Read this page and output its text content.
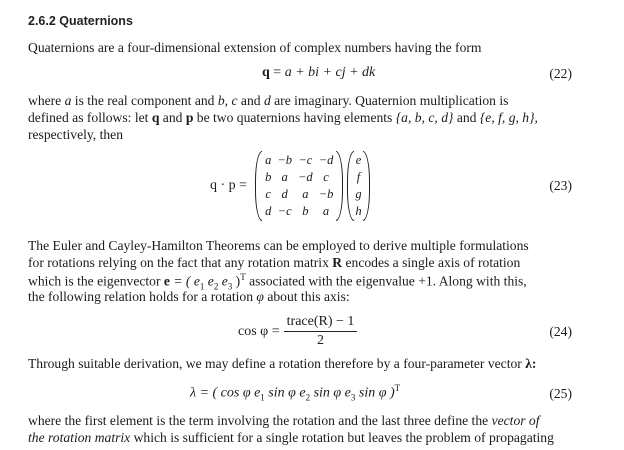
2.6.2 Quaternions
Quaternions are a four-dimensional extension of complex numbers having the form
q = a + bi + cj + dk	(22)
where a is the real component and b, c and d are imaginary. Quaternion multiplication is
defined as follows: let q and p be two quaternions having elements {a, b, c, d} and {e, f, g, h},
respectively, then
q · p =
a	−b	−c	−d
b	a	−d	c
c	d	a	−b
d	−c	b	a
e
f
g
h
(23)
The Euler and Cayley-Hamilton Theorems can be employed to derive multiple formulations
for rotations relying on the fact that any rotation matrix R encodes a single axis of rotation
which is the eigenvector e = ( $e_1$ $e_2$ $e_3$ )$^T$ associated with the eigenvalue +1. Along with this,
the following relation holds for a rotation φ about this axis:
$\cos \varphi = \frac{\text{trace(R) − 1}}{2}$	(24)
Through suitable derivation, we may define a rotation therefore by a four-parameter vector λ:
λ = ( cos φ $e_1$ sin φ $e_2$ sin φ $e_3$ sin φ )$^T$	(25)
where the first element is the term involving the rotation and the last three define the vector of
the rotation matrix which is sufficient for a single rotation but leaves the problem of propagating
